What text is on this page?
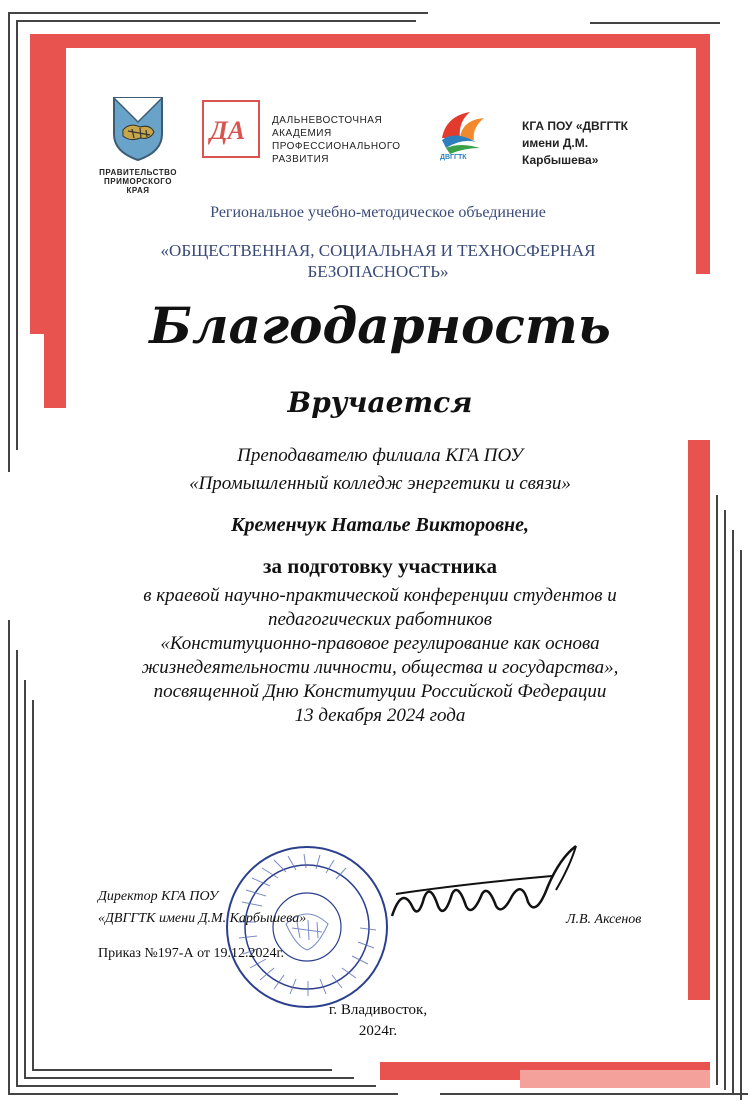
ПРАВИТЕЛЬСТВО
ПРИМОРСКОГО КРАЯ
ДА	ДАЛЬНЕВОСТОЧНАЯ
АКАДЕМИЯ
ПРОФЕССИОНАЛЬНОГО
РАЗВИТИЯ	ДВГГТК
КГА ПОУ «ДВГГТК
имени Д.М.
Карбышева»
Региональное учебно-методическое объединение
«ОБЩЕСТВЕННАЯ, СОЦИАЛЬНАЯ И ТЕХНОСФЕРНАЯ
БЕЗОПАСНОСТЬ»
Благодарность
Вручается
Преподавателю филиала КГА ПОУ
«Промышленный колледж энергетики и связи»
Кременчук Наталье Викторовне,
за подготовку участника
в краевой научно-практической конференции студентов и
педагогических работников
«Конституционно-правовое регулирование как основа
жизнедеятельности личности, общества и государства»,
посвященной Дню Конституции Российской Федерации
13 декабря 2024 года
Директор КГА ПОУ
«ДВГГТК имени Д.М. Карбышева»	Л.В. Аксенов
Приказ №197-А от 19.12.2024г.
г. Владивосток,
2024г.
